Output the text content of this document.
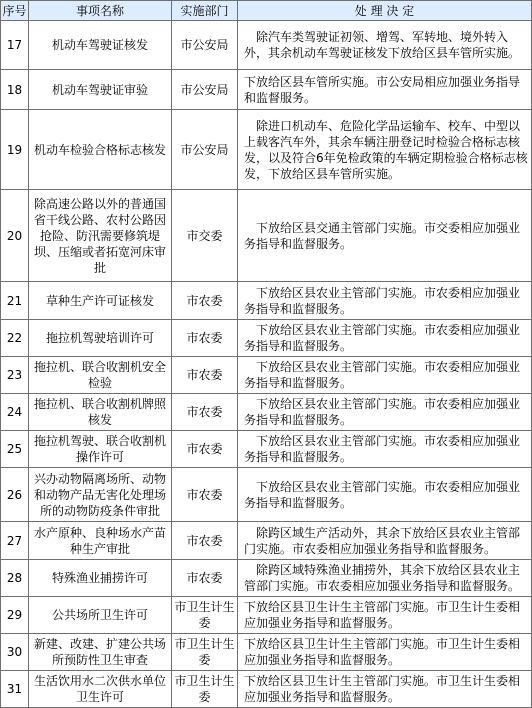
序号	事项名称	实施部门	处 理 决 定
17	机动车驾驶证核发	市公安局	除汽车类驾驶证初领、增驾、军转地、境外转入外，其余机动车驾驶证核发下放给区县车管所实施。
18	机动车驾驶证审验	市公安局	下放给区县车管所实施。市公安局相应加强业务指导和监督服务。
19	机动车检验合格标志核发	市公安局	除进口机动车、危险化学品运输车、校车、中型以上载客汽车外，其余车辆注册登记时检验合格标志核发，以及符合6年免检政策的车辆定期检验合格标志核发，下放给区县车管所实施。
20	除高速公路以外的普通国省干线公路、农村公路因抢险、防汛需要修筑堤坝、压缩或者拓宽河床审批	市交委	下放给区县交通主管部门实施。市交委相应加强业务指导和监督服务。
21	草种生产许可证核发	市农委	下放给区县农业主管部门实施。市农委相应加强业务指导和监督服务。
22	拖拉机驾驶培训许可	市农委	下放给区县农业主管部门实施。市农委相应加强业务指导和监督服务。
23	拖拉机、联合收割机安全检验	市农委	下放给区县农业主管部门实施。市农委相应加强业务指导和监督服务。
24	拖拉机、联合收割机牌照核发	市农委	下放给区县农业主管部门实施。市农委相应加强业务指导和监督服务。
25	拖拉机驾驶、联合收割机操作许可	市农委	下放给区县农业主管部门实施。市农委相应加强业务指导和监督服务。
26	兴办动物隔离场所、动物和动物产品无害化处理场所的动物防疫条件审批	市农委	下放给区县农业主管部门实施。市农委相应加强业务指导和监督服务。
27	水产原种、良种场水产苗种生产审批	市农委	除跨区域生产活动外，其余下放给区县农业主管部门实施。市农委相应加强业务指导和监督服务。
28	特殊渔业捕捞许可	市农委	除跨区域特殊渔业捕捞外，其余下放给区县农业主管部门实施。市农委相应加强业务指导和监督服务。
29	公共场所卫生许可	市卫生计生委	下放给区县卫生计生主管部门实施。市卫生计生委相应加强业务指导和监督服务。
30	新建、改建、扩建公共场所预防性卫生审查	市卫生计生委	下放给区县卫生计生主管部门实施。市卫生计生委相应加强业务指导和监督服务。
31	生活饮用水二次供水单位卫生许可	市卫生计生委	下放给区县卫生计生主管部门实施。市卫生计生委相应加强业务指导和监督服务。
